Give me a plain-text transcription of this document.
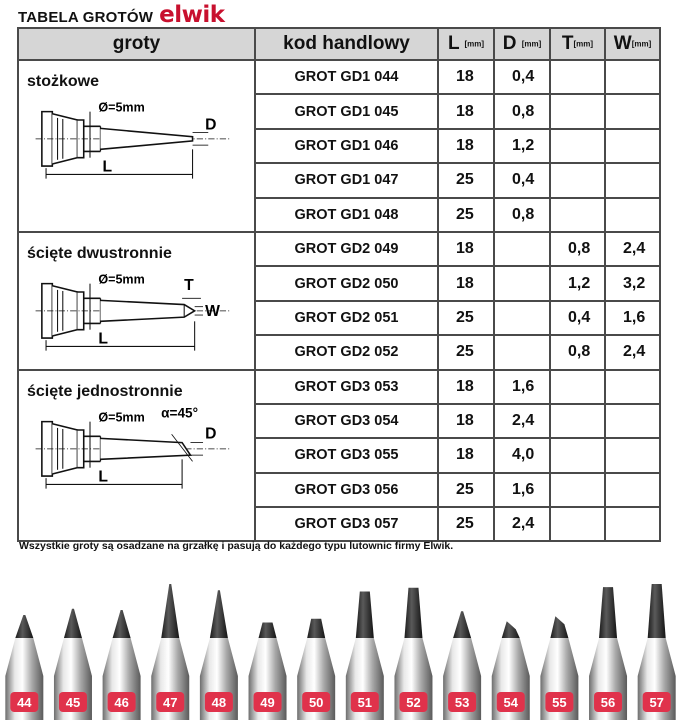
TABELA GROTÓW elwik
groty	kod handlowy	L [mm]	D [mm]	T[mm]	W[mm]

stożkowe
Ø=5mm
D
L	GROT GD1 044	18	0,4		
	GROT GD1 045	18	0,8		
	GROT GD1 046	18	1,2		
	GROT GD1 047	25	0,4		
	GROT GD1 048	25	0,8		

ścięte dwustronnie
Ø=5mm T
W
L	GROT GD2 049	18		0,8	2,4
	GROT GD2 050	18		1,2	3,2
	GROT GD2 051	25		0,4	1,6
	GROT GD2 052	25		0,8	2,4

ścięte jednostronnie
Ø=5mm α=45°
D
L	GROT GD3 053	18	1,6		
	GROT GD3 054	18	2,4		
	GROT GD3 055	18	4,0		
	GROT GD3 056	25	1,6		
	GROT GD3 057	25	2,4		
Wszystkie groty są osadzane na grzałkę i pasują do każdego typu lutownic firmy Elwik.
44	45	46	47	48	49	50	51	52	53	54	55	56	57
